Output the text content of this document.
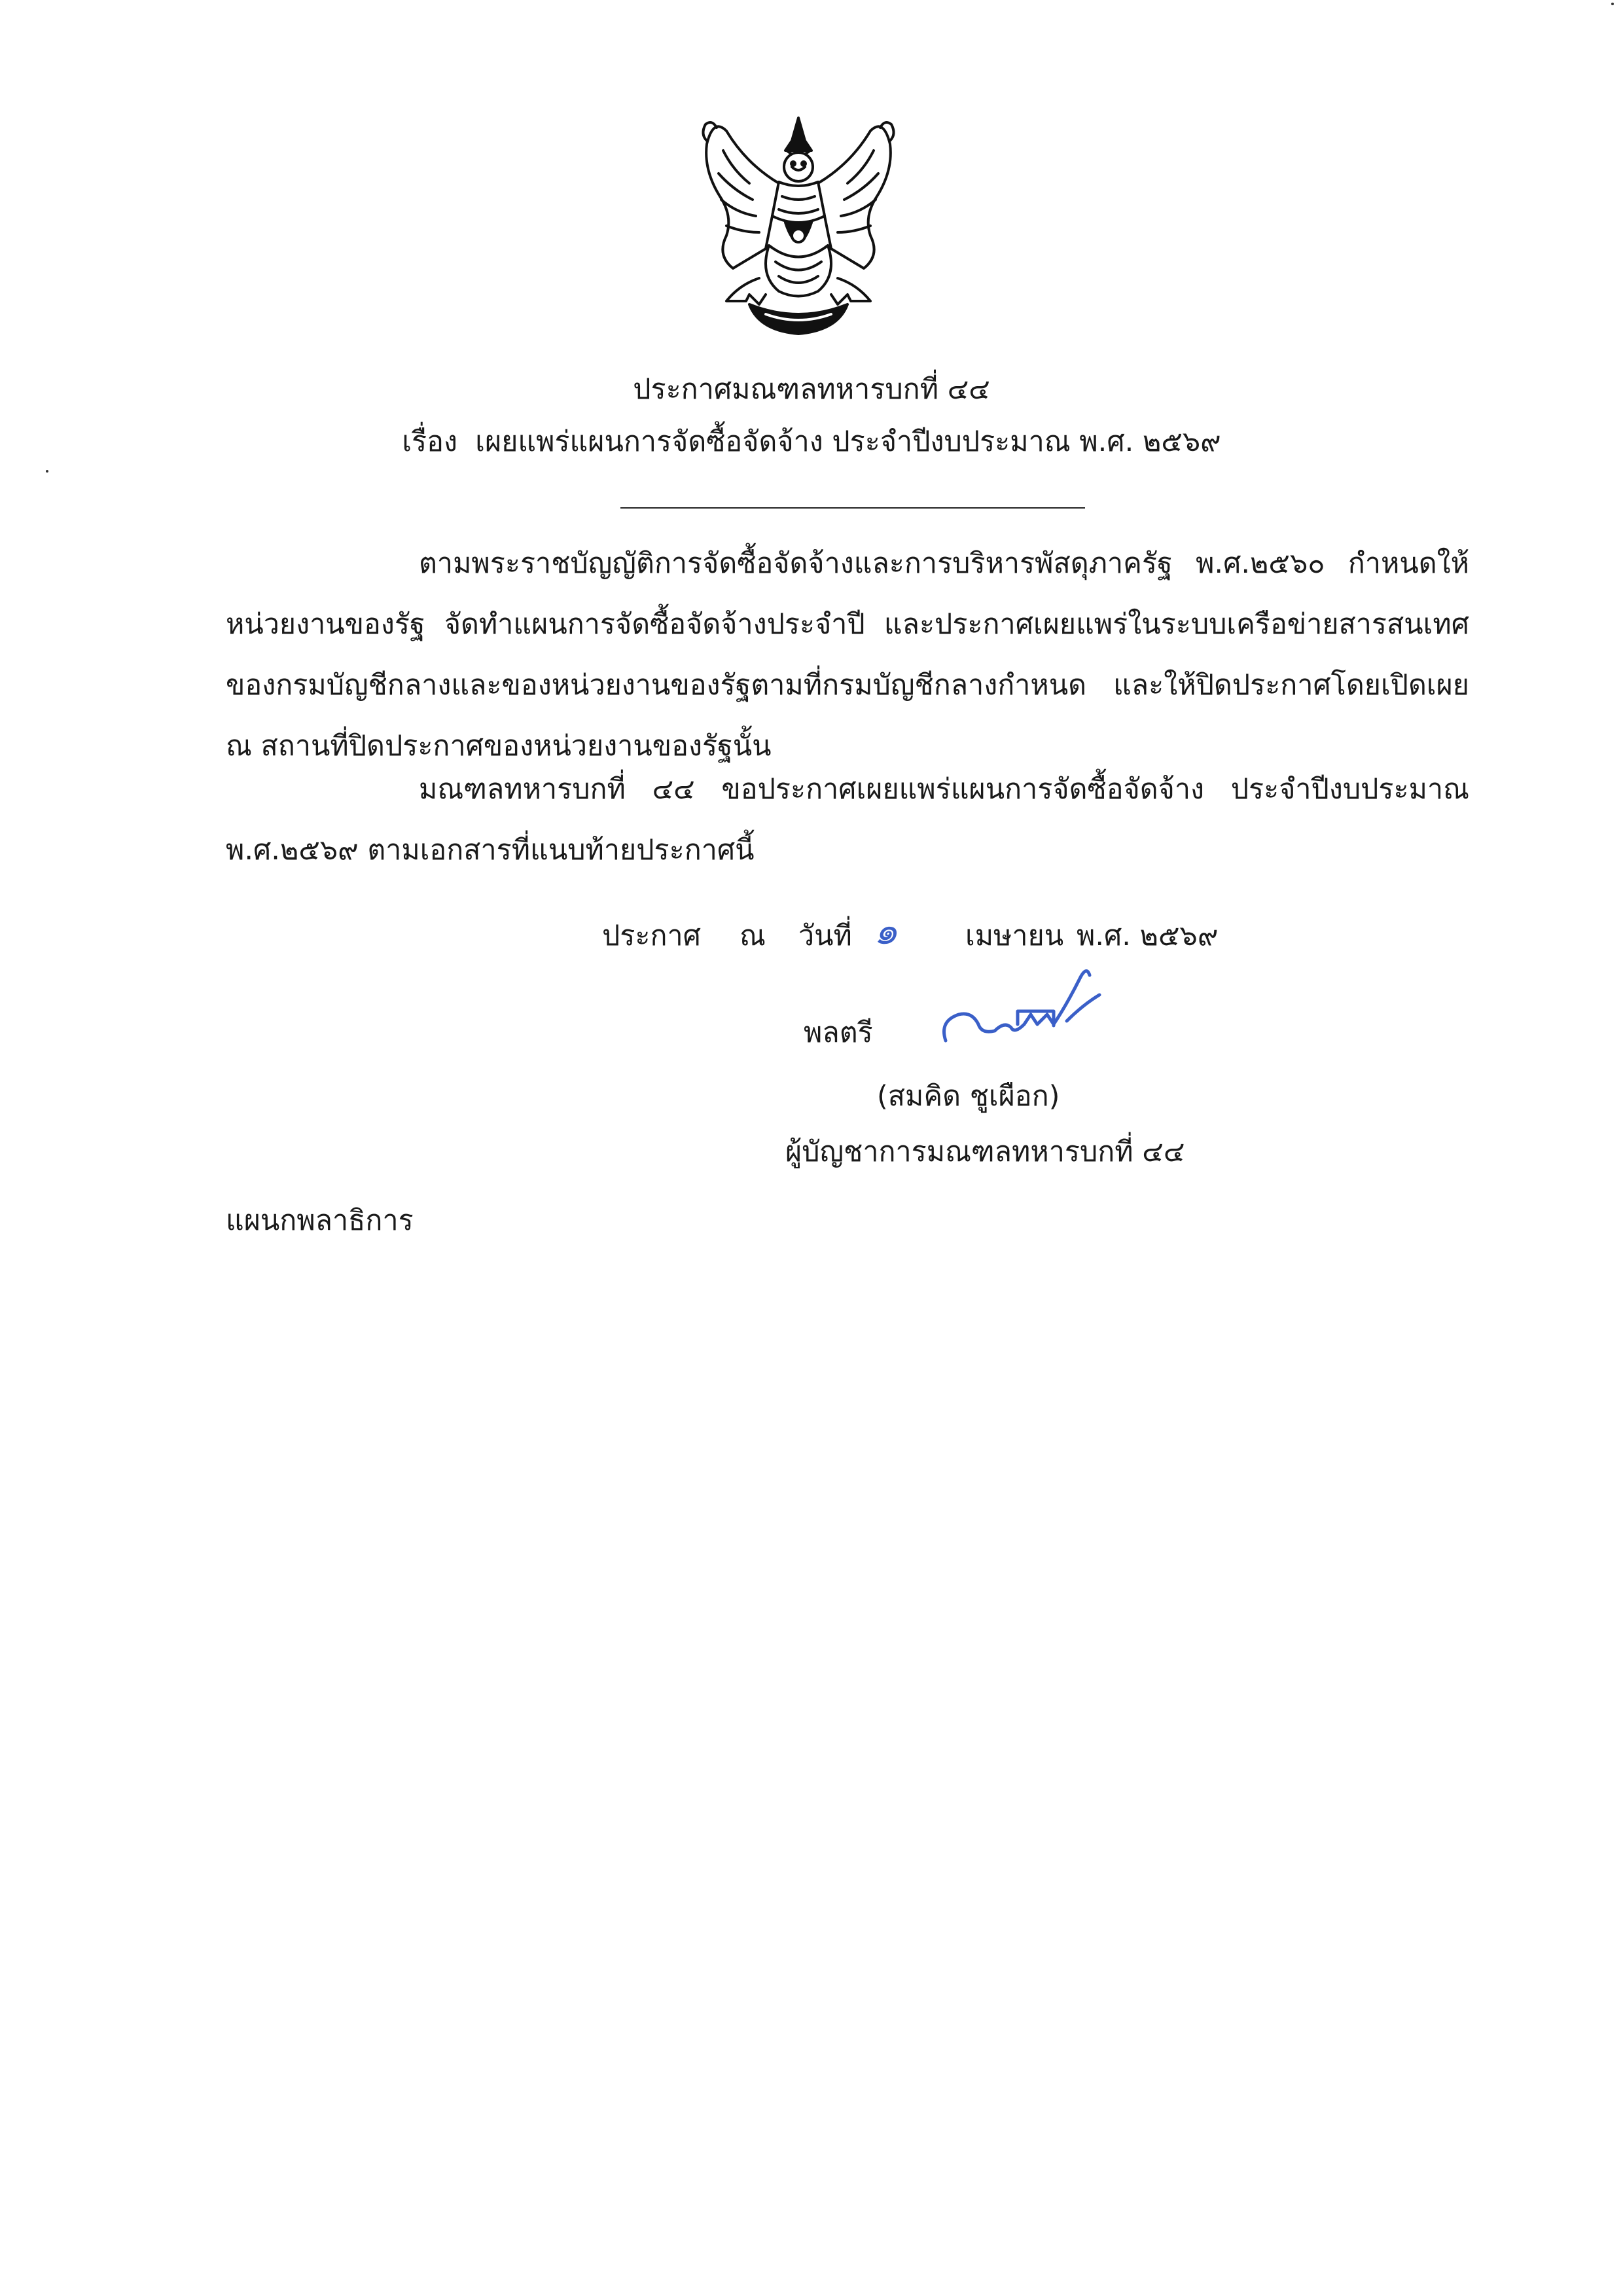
ประกาศมณฑลทหารบกที่ ๔๔
เรื่อง เผยแพร่แผนการจัดซื้อจัดจ้าง ประจำปีงบประมาณ พ.ศ. ๒๕๖๙
ตามพระราชบัญญัติการจัดซื้อจัดจ้างและการบริหารพัสดุภาครัฐ พ.ศ.๒๕๖๐ กำหนดให้หน่วยงานของรัฐ จัดทำแผนการจัดซื้อจัดจ้างประจำปี และประกาศเผยแพร่ในระบบเครือข่ายสารสนเทศของกรมบัญชีกลางและของหน่วยงานของรัฐตามที่กรมบัญชีกลางกำหนด และให้ปิดประกาศโดยเปิดเผย ณ สถานที่ปิดประกาศของหน่วยงานของรัฐนั้น
มณฑลทหารบกที่ ๔๔ ขอประกาศเผยแพร่แผนการจัดซื้อจัดจ้าง ประจำปีงบประมาณ พ.ศ.๒๕๖๙ ตามเอกสารที่แนบท้ายประกาศนี้
ประกาศ ณ วันที่ ๑ เมษายน พ.ศ. ๒๕๖๙
พลตรี
(สมคิด ชูเผือก)
ผู้บัญชาการมณฑลทหารบกที่ ๔๔
แผนกพลาธิการ
